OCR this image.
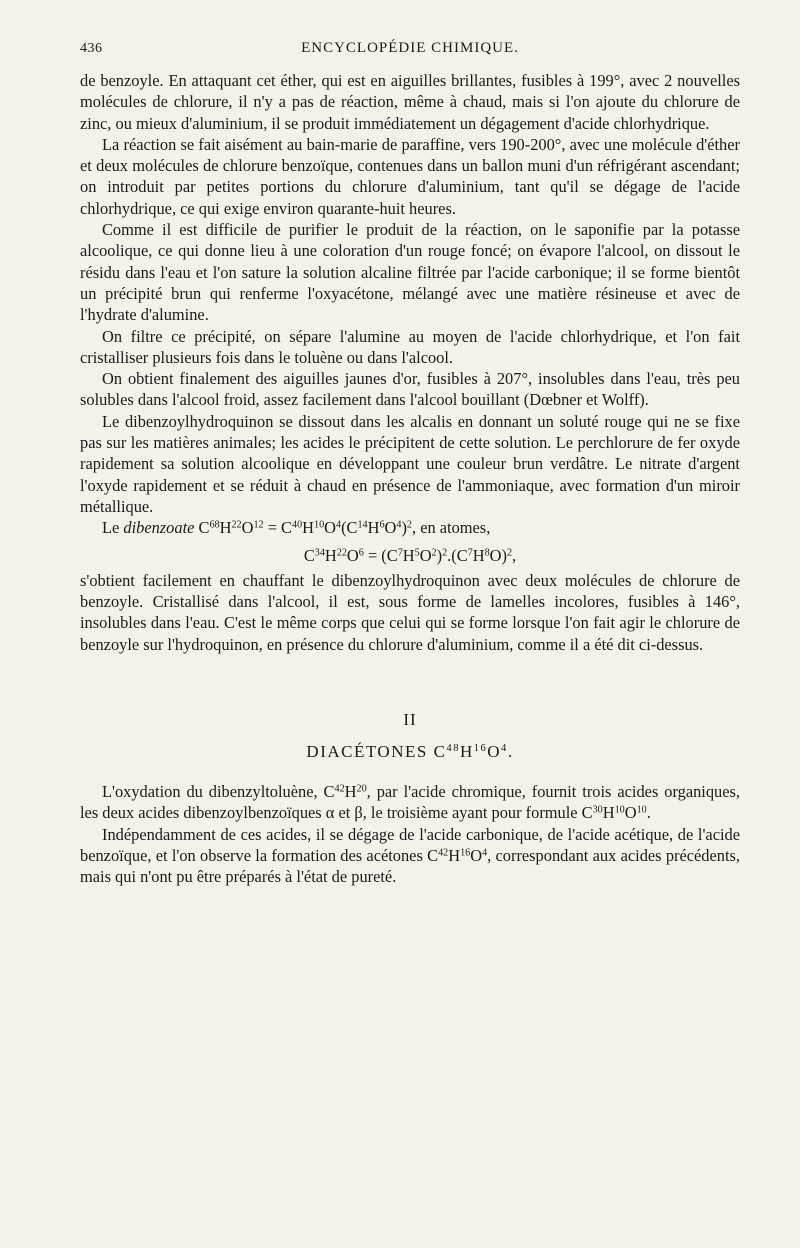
436	ENCYCLOPÉDIE CHIMIQUE.

de benzoyle. En attaquant cet éther, qui est en aiguilles brillantes, fusibles à 199°, avec 2 nouvelles molécules de chlorure, il n'y a pas de réaction, même à chaud, mais si l'on ajoute du chlorure de zinc, ou mieux d'aluminium, il se produit immédiatement un dégagement d'acide chlorhydrique.

La réaction se fait aisément au bain-marie de paraffine, vers 190-200°, avec une molécule d'éther et deux molécules de chlorure benzoïque, contenues dans un ballon muni d'un réfrigérant ascendant; on introduit par petites portions du chlorure d'aluminium, tant qu'il se dégage de l'acide chlorhydrique, ce qui exige environ quarante-huit heures.

Comme il est difficile de purifier le produit de la réaction, on le saponifie par la potasse alcoolique, ce qui donne lieu à une coloration d'un rouge foncé; on évapore l'alcool, on dissout le résidu dans l'eau et l'on sature la solution alcaline filtrée par l'acide carbonique; il se forme bientôt un précipité brun qui renferme l'oxyacétone, mélangé avec une matière résineuse et avec de l'hydrate d'alumine.

On filtre ce précipité, on sépare l'alumine au moyen de l'acide chlorhydrique, et l'on fait cristalliser plusieurs fois dans le toluène ou dans l'alcool.

On obtient finalement des aiguilles jaunes d'or, fusibles à 207°, insolubles dans l'eau, très peu solubles dans l'alcool froid, assez facilement dans l'alcool bouillant (Dœbner et Wolff).

Le dibenzoylhydroquinon se dissout dans les alcalis en donnant un soluté rouge qui ne se fixe pas sur les matières animales; les acides le précipitent de cette solution. Le perchlorure de fer oxyde rapidement sa solution alcoolique en développant une couleur brun verdâtre. Le nitrate d'argent l'oxyde rapidement et se réduit à chaud en présence de l'ammoniaque, avec formation d'un miroir métallique.

Le dibenzoate $C^{68}H^{22}O^{12} = C^{40}H^{10}O^4(C^{14}H^6O^4)^2$, en atomes,

$C^{34}H^{22}O^6 = (C^7H^5O^2)^2.(C^7H^8O)^2$,

s'obtient facilement en chauffant le dibenzoylhydroquinon avec deux molécules de chlorure de benzoyle. Cristallisé dans l'alcool, il est, sous forme de lamelles incolores, fusibles à 146°, insolubles dans l'eau. C'est le même corps que celui qui se forme lorsque l'on fait agir le chlorure de benzoyle sur l'hydroquinon, en présence du chlorure d'aluminium, comme il a été dit ci-dessus.

II
DIACÉTONES $C^{48}H^{16}O^4$.

L'oxydation du dibenzyltoluène, $C^{42}H^{20}$, par l'acide chromique, fournit trois acides organiques, les deux acides dibenzoylbenzoïques α et β, le troisième ayant pour formule $C^{30}H^{10}O^{10}$.

Indépendamment de ces acides, il se dégage de l'acide carbonique, de l'acide acétique, de l'acide benzoïque, et l'on observe la formation des acétones $C^{42}H^{16}O^4$, correspondant aux acides précédents, mais qui n'ont pu être préparés à l'état de pureté.
